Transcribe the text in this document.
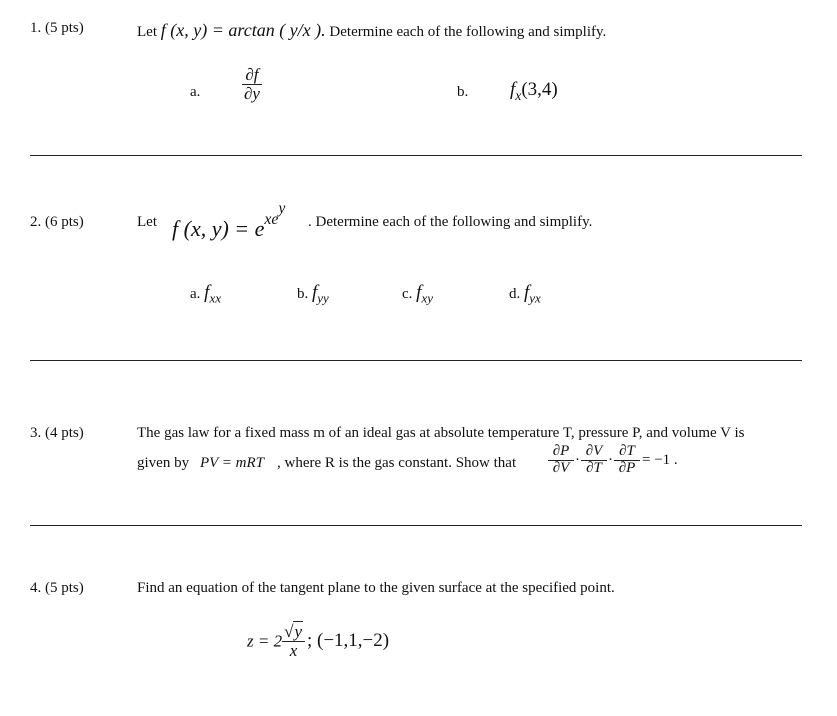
1. (5 pts)	Let f (x, y) = arctan ( y/x ). Determine each of the following and simplify.
a. $\frac{\partial f}{\partial y}$	b. $f_x(3,4)$
2. (6 pts)	Let f (x, $y) = e^{xey}$
. Determine each of the following and simplify.
a. fxx	b. fyy	c. fxy	d. fyx
3. (4 pts)	The gas law for a fixed mass m of an ideal gas at absolute temperature T, pressure P, and volume V is
given by PV = mRT , where R is the gas constant. Show that $\frac{\partial P}{\partial V} \cdot \frac{\partial V}{\partial T} \cdot \frac{\partial T}{\partial P} = -1$ .
4. (5 pts)	Find an equation of the tangent plane to the given surface at the specified point.
$z = 2 \frac{√y}{x}$ ; (−1,1,−2)
